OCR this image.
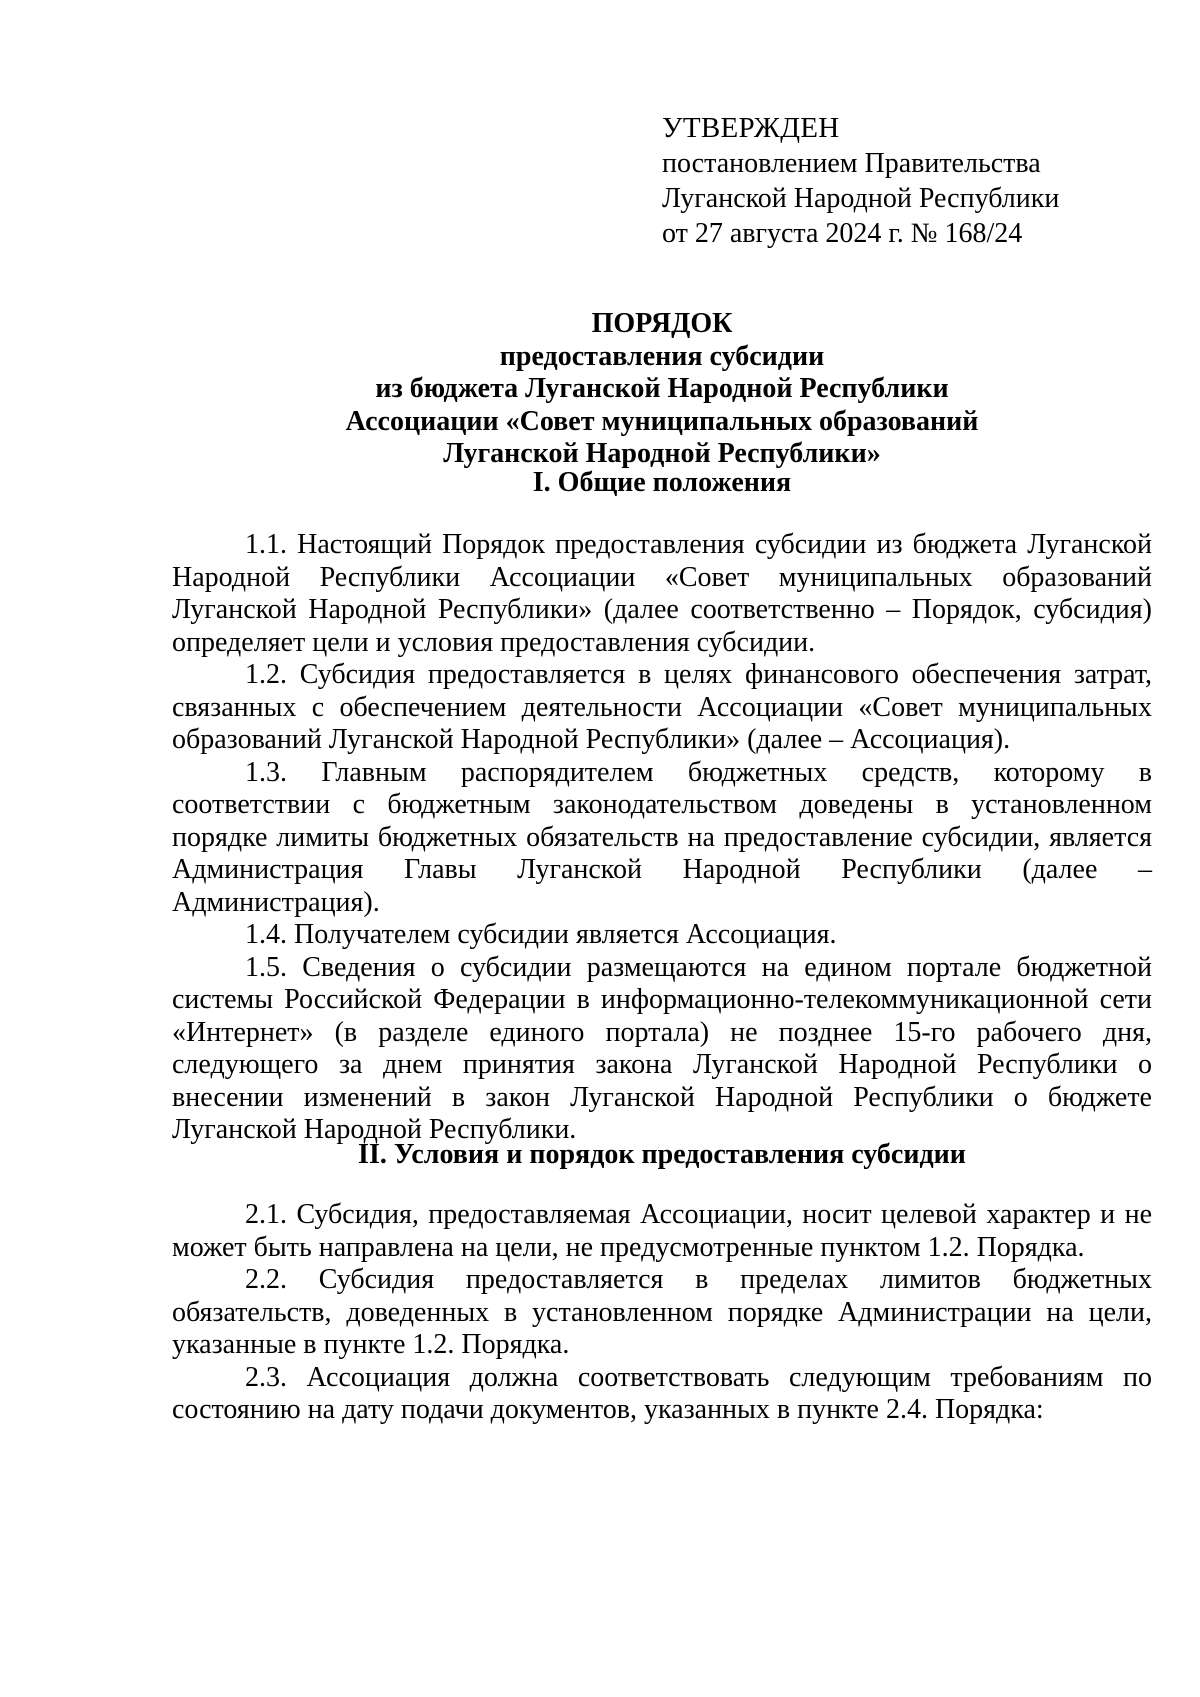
УТВЕРЖДЕН
постановлением Правительства
Луганской Народной Республики
от 27 августа 2024 г. № 168/24
ПОРЯДОК
предоставления субсидии
из бюджета Луганской Народной Республики
Ассоциации «Совет муниципальных образований
Луганской Народной Республики»
I. Общие положения

1.1. Настоящий Порядок предоставления субсидии из бюджета Луганской Народной Республики Ассоциации «Совет муниципальных образований Луганской Народной Республики» (далее соответственно – Порядок, субсидия) определяет цели и условия предоставления субсидии.

1.2. Субсидия предоставляется в целях финансового обеспечения затрат, связанных с обеспечением деятельности Ассоциации «Совет муниципальных образований Луганской Народной Республики» (далее – Ассоциация).

1.3. Главным распорядителем бюджетных средств, которому в соответствии с бюджетным законодательством доведены в установленном порядке лимиты бюджетных обязательств на предоставление субсидии, является Администрация Главы Луганской Народной Республики (далее – Администрация).

1.4. Получателем субсидии является Ассоциация.

1.5. Сведения о субсидии размещаются на едином портале бюджетной системы Российской Федерации в информационно-телекоммуникационной сети «Интернет» (в разделе единого портала) не позднее 15-го рабочего дня, следующего за днем принятия закона Луганской Народной Республики о внесении изменений в закон Луганской Народной Республики о бюджете Луганской Народной Республики.

II. Условия и порядок предоставления субсидии

2.1. Субсидия, предоставляемая Ассоциации, носит целевой характер и не может быть направлена на цели, не предусмотренные пунктом 1.2. Порядка.

2.2. Субсидия предоставляется в пределах лимитов бюджетных обязательств, доведенных в установленном порядке Администрации на цели, указанные в пункте 1.2. Порядка.

2.3. Ассоциация должна соответствовать следующим требованиям по состоянию на дату подачи документов, указанных в пункте 2.4. Порядка:
